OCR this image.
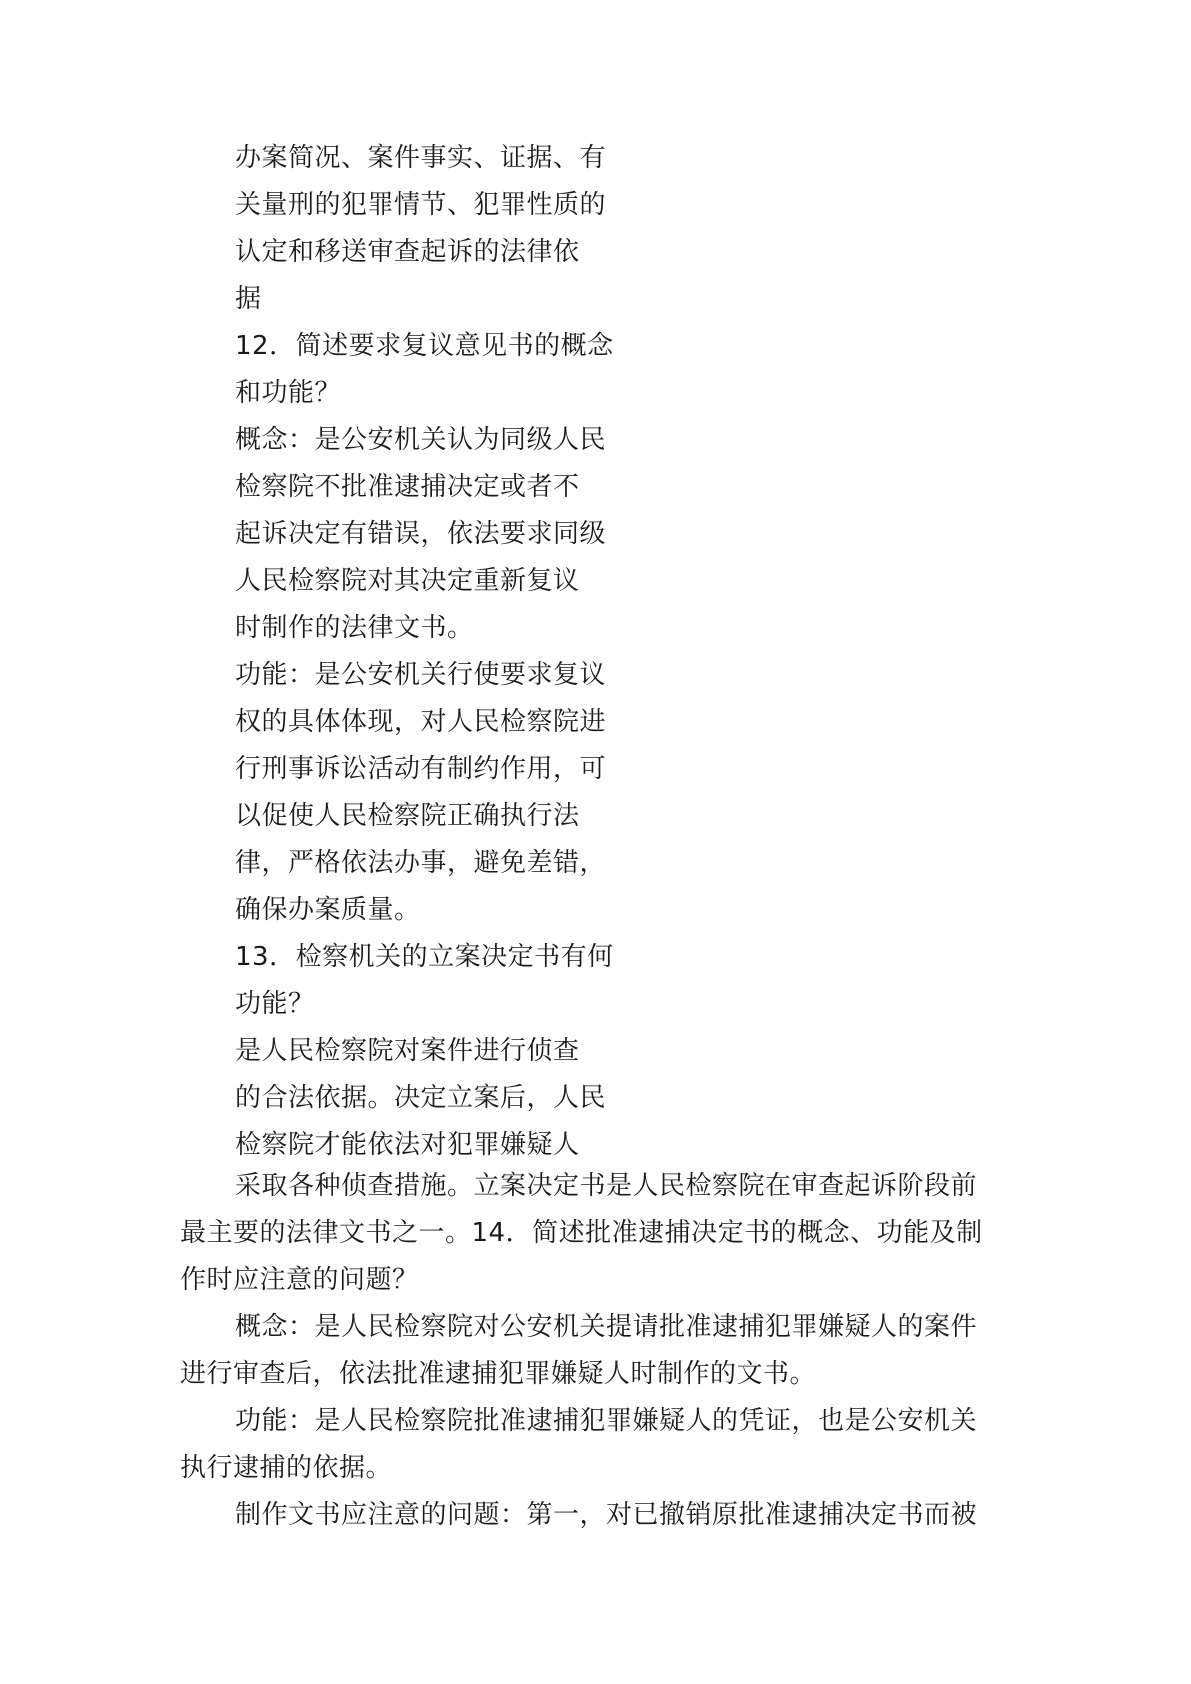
办案简况、案件事实、证据、有
关量刑的犯罪情节、犯罪性质的
认定和移送审查起诉的法律依
据
12．简述要求复议意见书的概念
和功能？
概念：是公安机关认为同级人民
检察院不批准逮捕决定或者不
起诉决定有错误，依法要求同级
人民检察院对其决定重新复议
时制作的法律文书。
功能：是公安机关行使要求复议
权的具体体现，对人民检察院进
行刑事诉讼活动有制约作用，可
以促使人民检察院正确执行法
律，严格依法办事，避免差错，
确保办案质量。
13．检察机关的立案决定书有何
功能？
是人民检察院对案件进行侦查
的合法依据。决定立案后，人民
检察院才能依法对犯罪嫌疑人
采取各种侦查措施。立案决定书是人民检察院在审查起诉阶段前
最主要的法律文书之一。14．简述批准逮捕决定书的概念、功能及制
作时应注意的问题？
概念：是人民检察院对公安机关提请批准逮捕犯罪嫌疑人的案件
进行审查后，依法批准逮捕犯罪嫌疑人时制作的文书。
功能：是人民检察院批准逮捕犯罪嫌疑人的凭证，也是公安机关
执行逮捕的依据。
制作文书应注意的问题：第一，对已撤销原批准逮捕决定书而被
